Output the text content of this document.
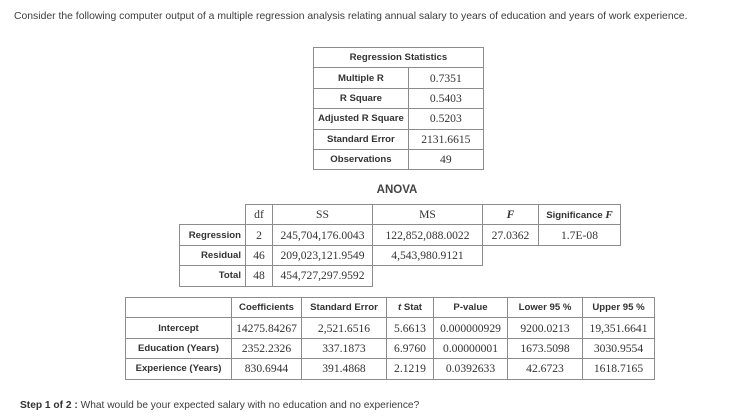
Consider the following computer output of a multiple regression analysis relating annual salary to years of education and years of work experience.
Regression Statistics	
Multiple R	0.7351
R Square	0.5403
Adjusted R Square	0.5203
Standard Error	2131.6615
Observations	49
ANOVA
	df	SS	MS	F	Significance F
Regression	2	245,704,176.0043	122,852,088.0022	27.0362	1.7E-08
Residual	46	209,023,121.9549	4,543,980.9121		
Total	48	454,727,297.9592			
	Coefficients	Standard Error	t Stat	P-value	Lower 95 %	Upper 95 %
Intercept	14275.84267	2,521.6516	5.6613	0.000000929	9200.0213	19,351.6641
Education (Years)	2352.2326	337.1873	6.9760	0.00000001	1673.5098	3030.9554
Experience (Years)	830.6944	391.4868	2.1219	0.0392633	42.6723	1618.7165
Step 1 of 2 : What would be your expected salary with no education and no experience?
